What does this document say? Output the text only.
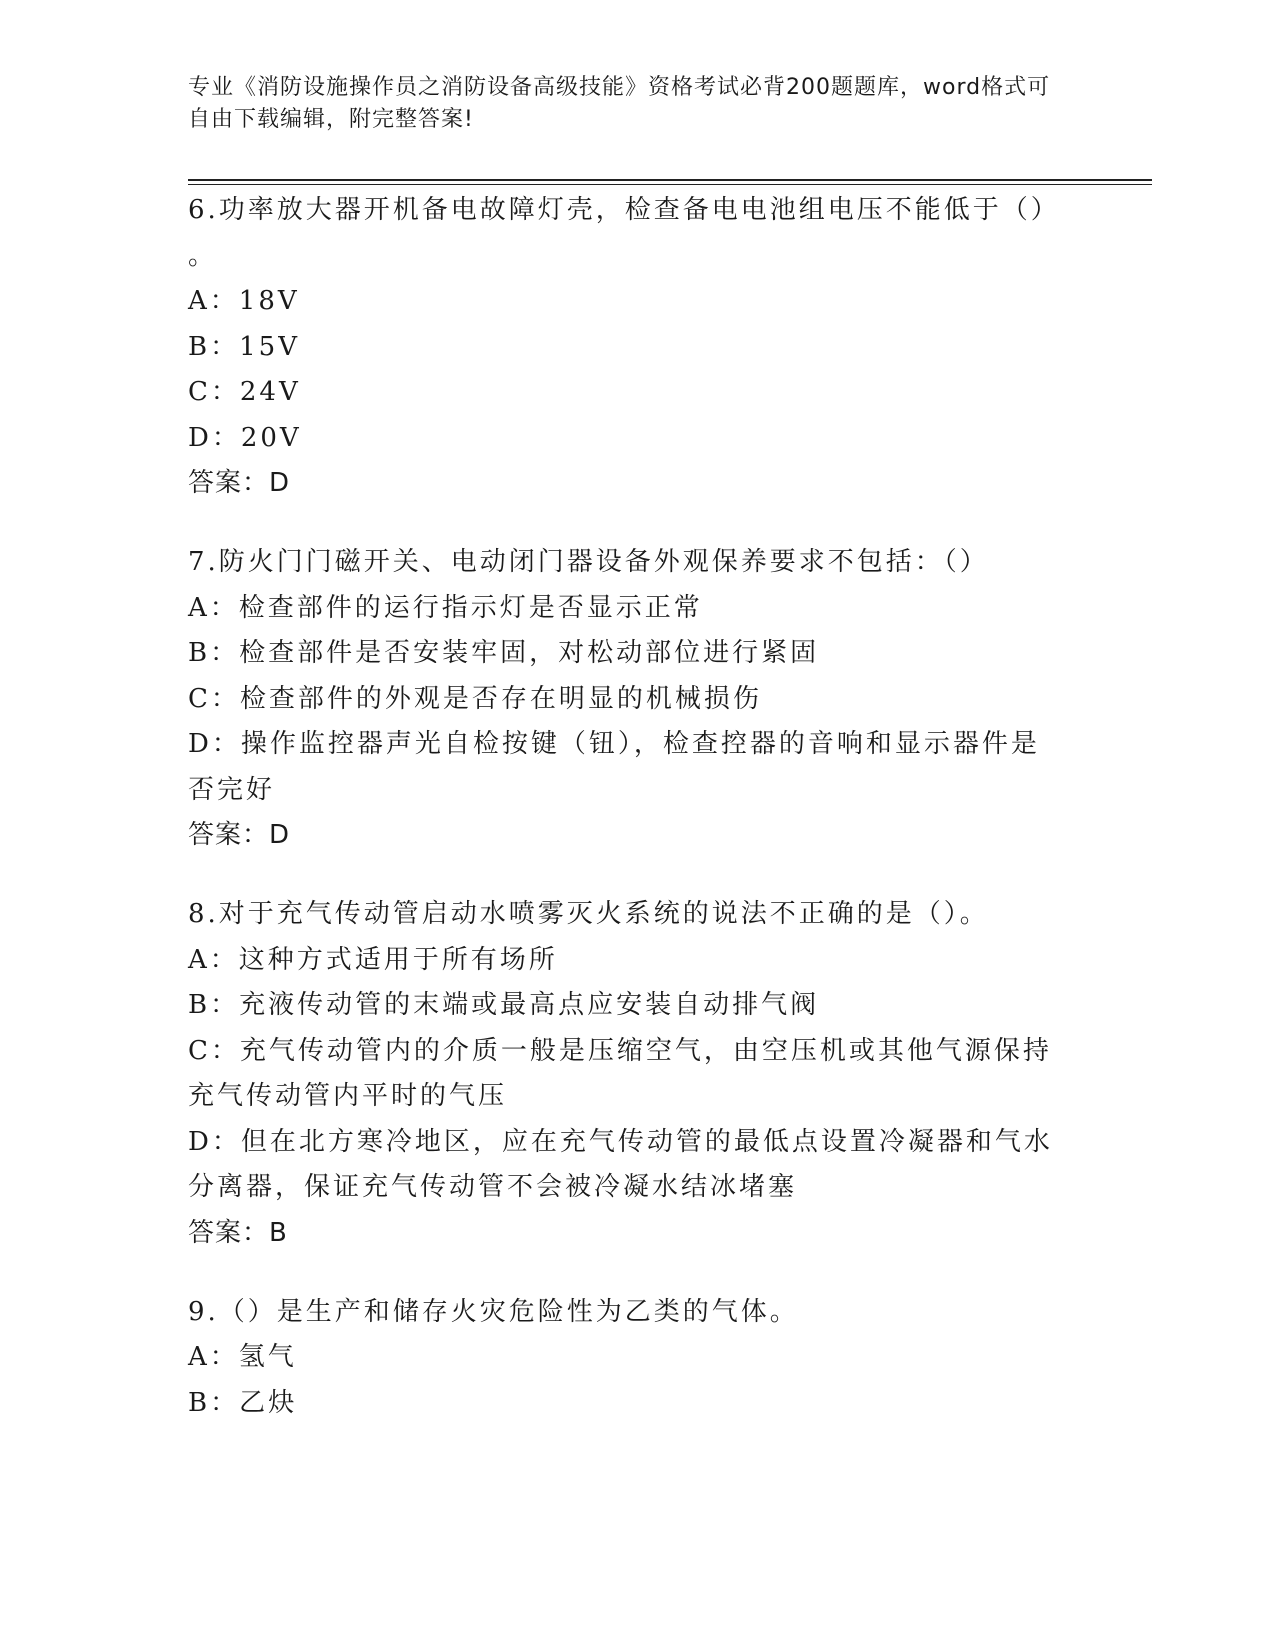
专业《消防设施操作员之消防设备高级技能》资格考试必背200题题库，word格式可自由下载编辑，附完整答案!

6.功率放大器开机备电故障灯壳，检查备电电池组电压不能低于（）

。

A：18V

B：15V

C：24V

D：20V

答案：D

7.防火门门磁开关、电动闭门器设备外观保养要求不包括：（）

A：检查部件的运行指示灯是否显示正常

B：检查部件是否安装牢固，对松动部位进行紧固

C：检查部件的外观是否存在明显的机械损伤

D：操作监控器声光自检按键（钮），检查控器的音响和显示器件是否完好

答案：D

8.对于充气传动管启动水喷雾灭火系统的说法不正确的是（）。

A：这种方式适用于所有场所

B：充液传动管的末端或最高点应安装自动排气阀

C：充气传动管内的介质一般是压缩空气，由空压机或其他气源保持充气传动管内平时的气压

D：但在北方寒冷地区，应在充气传动管的最低点设置冷凝器和气水分离器，保证充气传动管不会被冷凝水结冰堵塞

答案：B

9.（）是生产和储存火灾危险性为乙类的气体。

A：氢气

B：乙炔
